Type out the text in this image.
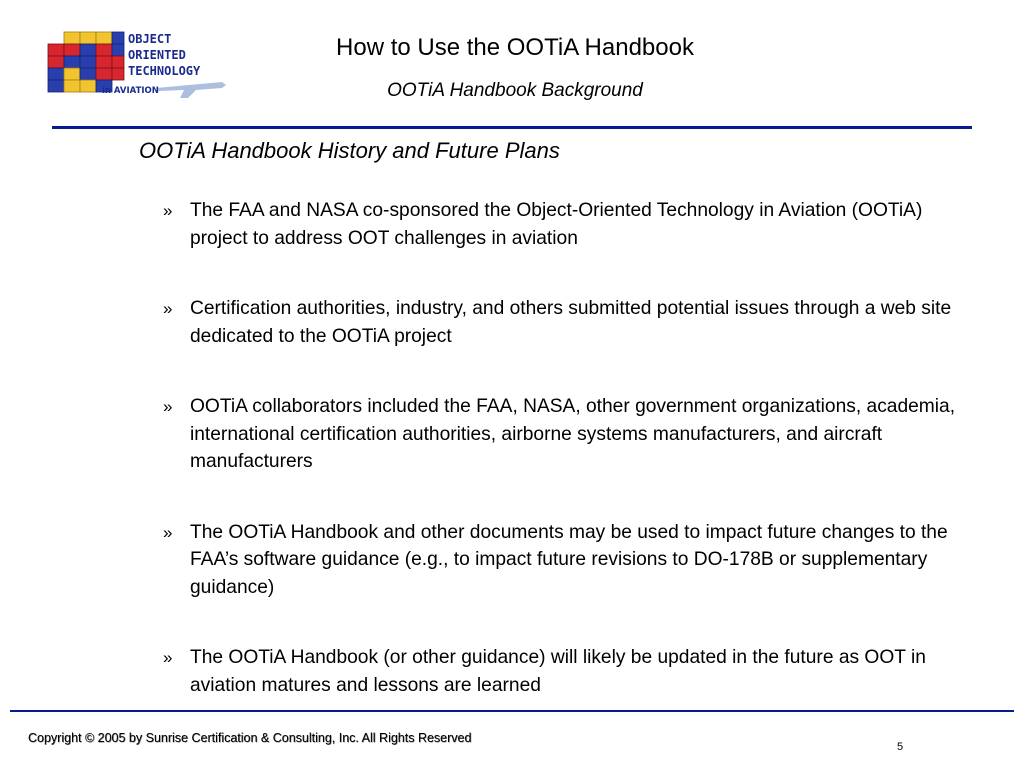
OBJECT
ORIENTED
TECHNOLOGY
in AVIATION
How to Use the OOTiA Handbook
OOTiA Handbook Background
OOTiA Handbook History and Future Plans
» The FAA and NASA co-sponsored the Object-Oriented Technology in Aviation (OOTiA) project to address OOT challenges in aviation
» Certification authorities, industry, and others submitted potential issues through a web site dedicated to the OOTiA project
» OOTiA collaborators included the FAA, NASA, other government organizations, academia, international certification authorities, airborne systems manufacturers, and aircraft manufacturers
» The OOTiA Handbook and other documents may be used to impact future changes to the FAA’s software guidance (e.g., to impact future revisions to DO-178B or supplementary guidance)
» The OOTiA Handbook (or other guidance) will likely be updated in the future as OOT in aviation matures and lessons are learned
Copyright © 2005 by Sunrise Certification & Consulting, Inc. All Rights Reserved
5
